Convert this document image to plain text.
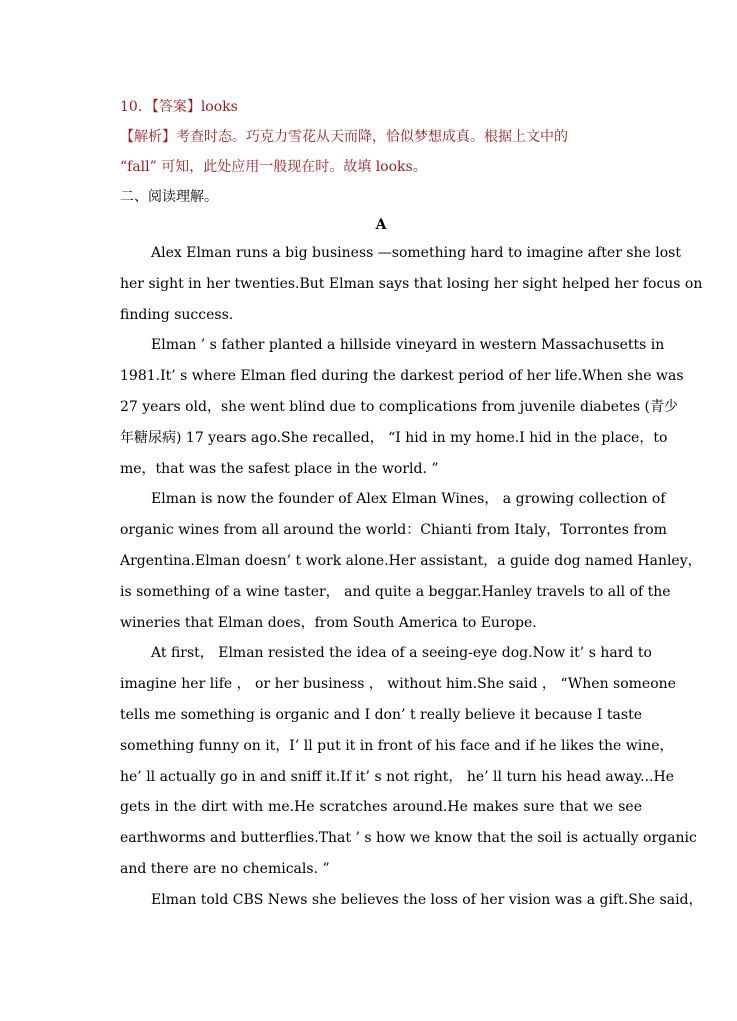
10．【答案】looks
【解析】考查时态。巧克力雪花从天而降，恰似梦想成真。根据上文中的
“fall” 可知，此处应用一般现在时。故填 looks。
二、阅读理解。
A
Alex Elman runs a big business —something hard to imagine after she lost
her sight in her twenties.But Elman says that losing her sight helped her focus on
finding success.
Elman ’ s father planted a hillside vineyard in western Massachusetts in
1981.It’ s where Elman fled during the darkest period of her life.When she was
27 years old，she went blind due to complications from juvenile diabetes (青少
年糖尿病) 17 years ago.She recalled， “I hid in my home.I hid in the place，to
me，that was the safest place in the world. ”
Elman is now the founder of Alex Elman Wines， a growing collection of
organic wines from all around the world：Chianti from Italy，Torrontes from
Argentina.Elman doesn’ t work alone.Her assistant，a guide dog named Hanley，
is something of a wine taster， and quite a beggar.Hanley travels to all of the
wineries that Elman does，from South America to Europe.
At first， Elman resisted the idea of a seeing-eye dog.Now it’ s hard to
imagine her life ， or her business ， without him.She said ， “When someone
tells me something is organic and I don’ t really believe it because I taste
something funny on it，I’ ll put it in front of his face and if he likes the wine，
he’ ll actually go in and sniff it.If it’ s not right， he’ ll turn his head away...He
gets in the dirt with me.He scratches around.He makes sure that we see
earthworms and butterflies.That ’ s how we know that the soil is actually organic
and there are no chemicals. ”
Elman told CBS News she believes the loss of her vision was a gift.She said，
